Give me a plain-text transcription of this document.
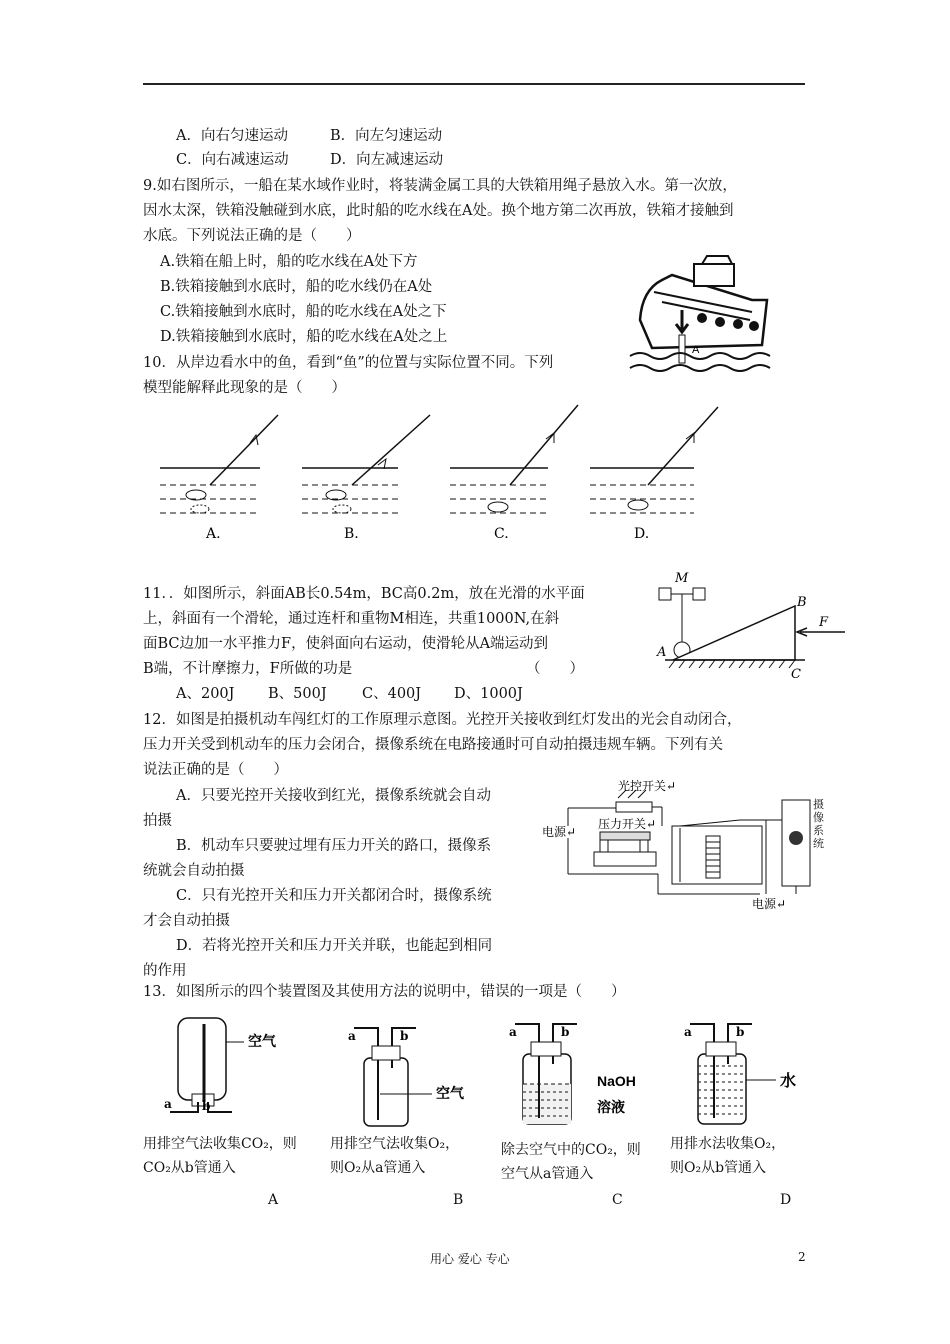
A．向右匀速运动	B．向左匀速运动
C．向右减速运动	D．向左减速运动
9.如右图所示，一船在某水域作业时，将装满金属工具的大铁箱用绳子悬放入水。第一次放，
因水太深，铁箱没触碰到水底，此时船的吃水线在A处。换个地方第二次再放，铁箱才接触到
水底。下列说法正确的是（　　）
A.铁箱在船上时，船的吃水线在A处下方
B.铁箱接触到水底时，船的吃水线仍在A处
C.铁箱接触到水底时，船的吃水线在A处之下
D.铁箱接触到水底时，船的吃水线在A处之上
A
10．从岸边看水中的鱼，看到“鱼”的位置与实际位置不同。下列
模型能解释此现象的是（　　）
A.	B.	C.	D.
11．．如图所示，斜面AB长0.54m，BC高0.2m，放在光滑的水平面
上，斜面有一个滑轮，通过连杆和重物M相连，共重1000N,在斜
面BC边加一水平推力F，使斜面向右运动，使滑轮从A端运动到
B端，不计摩擦力，F所做的功是	（　　）
A、200J B、500J C、400J D、1000J
M
A
B
C
F
12．如图是拍摄机动车闯红灯的工作原理示意图。光控开关接收到红灯发出的光会自动闭合，
压力开关受到机动车的压力会闭合，摄像系统在电路接通时可自动拍摄违规车辆。下列有关
说法正确的是（　　）
A．只要光控开关接收到红光，摄像系统就会自动
拍摄
B．机动车只要驶过埋有压力开关的路口，摄像系
统就会自动拍摄
C．只有光控开关和压力开关都闭合时，摄像系统
才会自动拍摄
D．若将光控开关和压力开关并联，也能起到相同
的作用
光控开关↵
电源↵
压力开关↵
电源↵
摄像系统
13．如图所示的四个装置图及其使用方法的说明中，错误的一项是（　　）
空气
a	b
用排空气法收集CO₂，则
CO₂从b管通入
A
空气
a	b
用排空气法收集O₂，
则O₂从a管通入
B
a	b
NaOH
溶液
除去空气中的CO₂，则
空气从a管通入
C
水
a	b
用排水法收集O₂，
则O₂从b管通入
D
用心 爱心 专心	2
